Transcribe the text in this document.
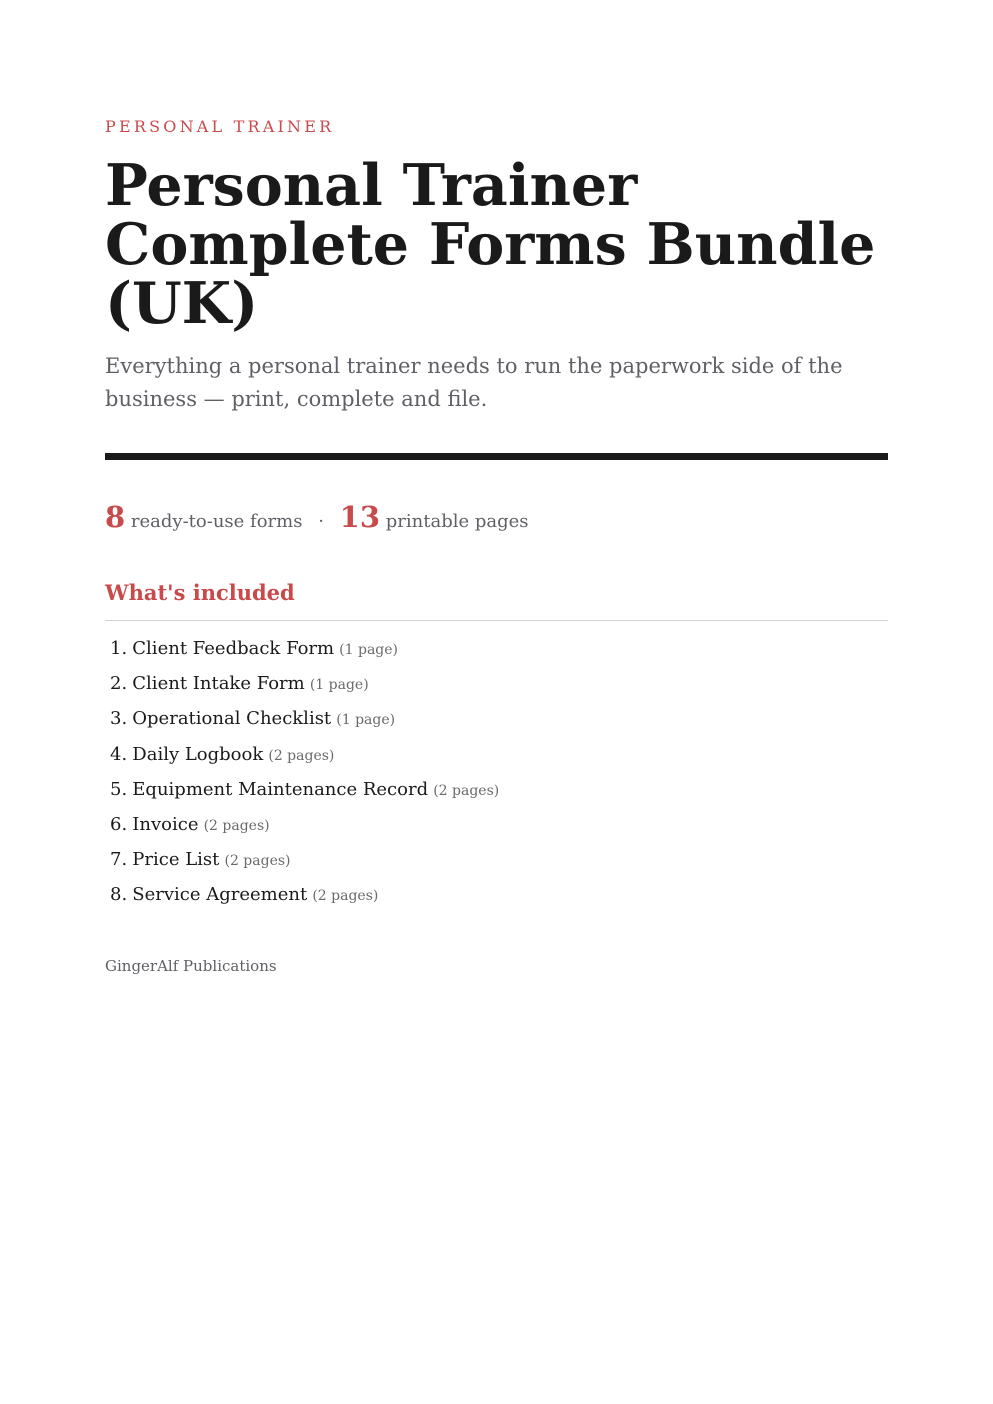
PERSONAL TRAINER
Personal Trainer Complete Forms Bundle (UK)

Everything a personal trainer needs to run the paperwork side of the business — print, complete and file.

8 ready-to-use forms · 13 printable pages
What's included
1. Client Feedback Form (1 page)
2. Client Intake Form (1 page)
3. Operational Checklist (1 page)
4. Daily Logbook (2 pages)
5. Equipment Maintenance Record (2 pages)
6. Invoice (2 pages)
7. Price List (2 pages)
8. Service Agreement (2 pages)
GingerAlf Publications
